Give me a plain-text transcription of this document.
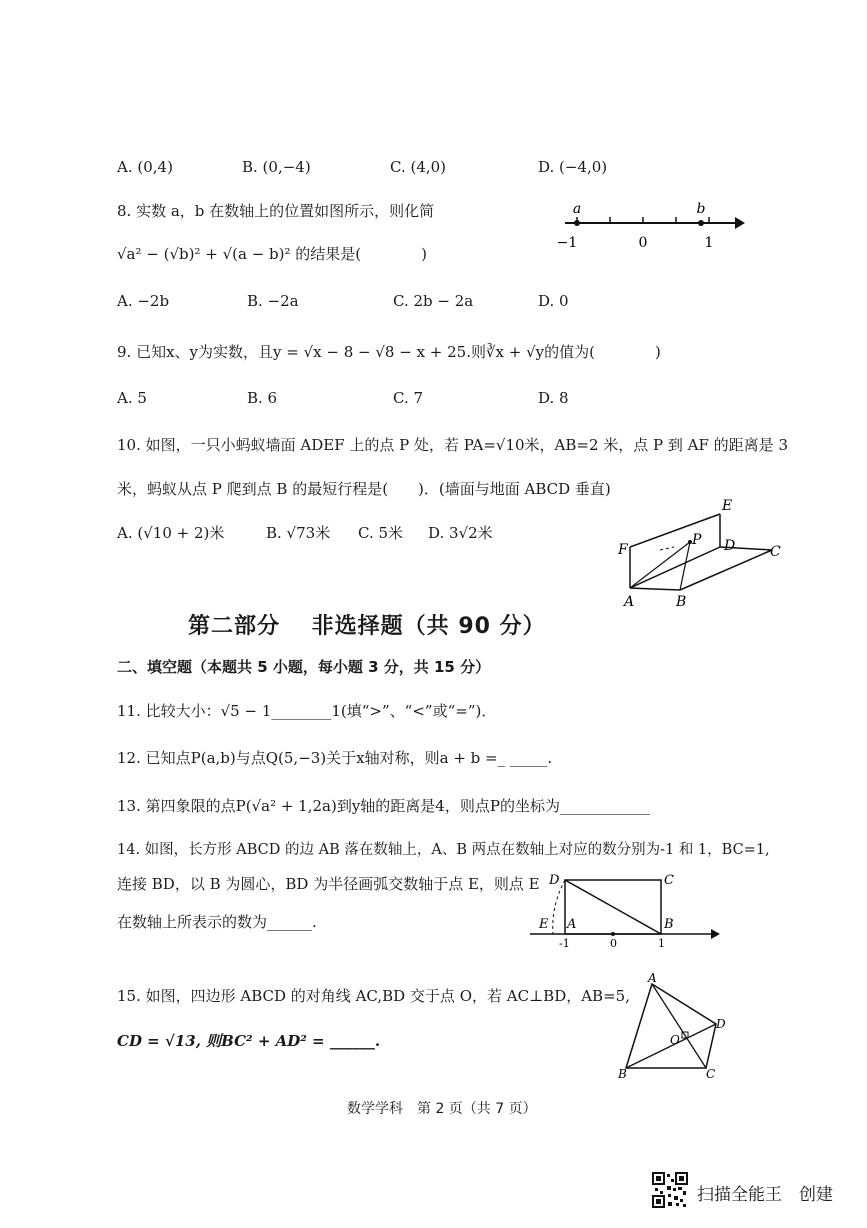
A. (0,4)	B. (0,−4)	C. (4,0)	D. (−4,0)
8. 实数 a，b 在数轴上的位置如图所示，则化简
√a² − (√b)² + √(a − b)² 的结果是(　　　　)
a	b
−1	0	1
A. −2b	B. −2a	C. 2b − 2a	D. 0
9. 已知x、y为实数，且y = √x − 8 − √8 − x + 25.则∛x + √y的值为(　　　　)
A. 5	B. 6	C. 7	D. 8
10. 如图，一只小蚂蚁墙面 ADEF 上的点 P 处，若 PA=√10米，AB=2 米，点 P 到 AF 的距离是 3
米，蚂蚁从点 P 爬到点 B 的最短行程是(　　)．(墙面与地面 ABCD 垂直)
A. (√10 + 2)米	B. √73米 C. 5米 D. 3√2米
E
F
P D C
A	B
第二部分　 非选择题（共 90 分）
二、填空题（本题共 5 小题，每小题 3 分，共 15 分）
11. 比较大小：√5 − 1________1(填“>”、“<”或“=”)．
12. 已知点P(a,b)与点Q(5,−3)关于x轴对称，则a + b =_ _____.
13. 第四象限的点P(√a² + 1,2a)到y轴的距离是4，则点P的坐标为____________
14. 如图，长方形 ABCD 的边 AB 落在数轴上，A、B 两点在数轴上对应的数分别为-1 和 1，BC=1,
连接 BD，以 B 为圆心，BD 为半径画弧交数轴于点 E，则点 E
在数轴上所表示的数为______.
D	C
E A	B
-1	0	1
15. 如图，四边形 ABCD 的对角线 AC,BD 交于点 O，若 AC⊥BD，AB=5,
CD = √13, 则BC² + AD² = ______.
A
D
O
B	C
数学学科　第 2 页（共 7 页）
扫描全能王　创建
